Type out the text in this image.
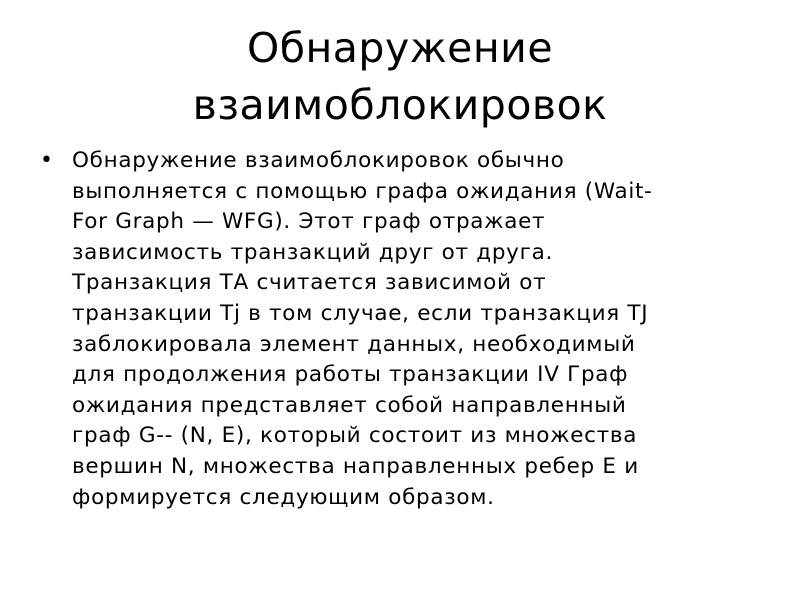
Обнаружение
взаимоблокировок
• Обнаружение взаимоблокировок обычно
выполняется с помощью графа ожидания (Wait-
For Graph — WFG). Этот граф отражает
зависимость транзакций друг от друга.
Транзакция ТА считается зависимой от
транзакции Tj в том случае, если транзакция TJ
заблокировала элемент данных, необходимый
для продолжения работы транзакции IV Граф
ожидания представляет собой направленный
граф G-- (N, E), который состоит из множества
вершин N, множества направленных ребер Е и
формируется следующим образом.
